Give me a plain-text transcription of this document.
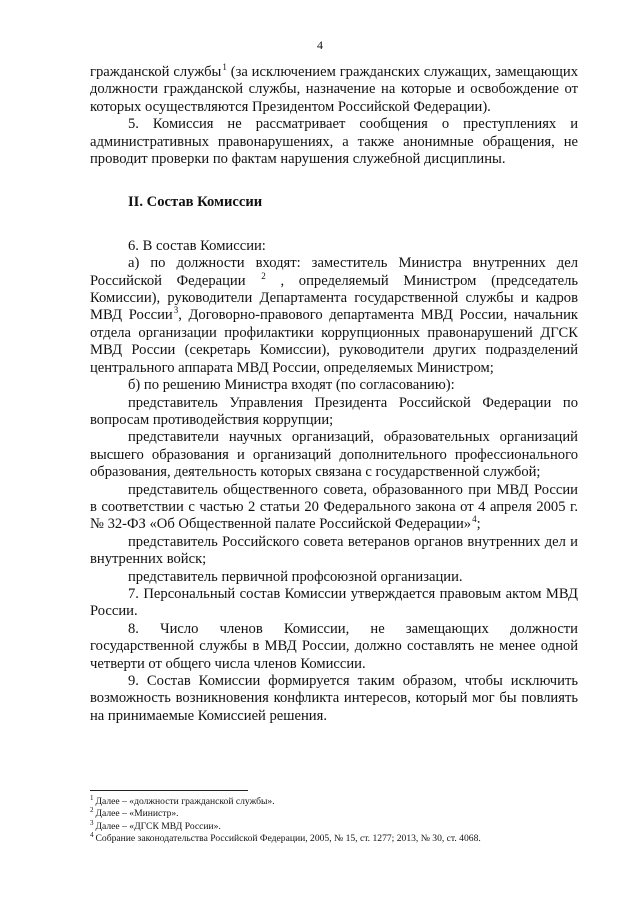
4

гражданской службы$^1$ (за исключением гражданских служащих, замещающих должности гражданской службы, назначение на которые и освобождение от которых осуществляются Президентом Российской Федерации).

5. Комиссия не рассматривает сообщения о преступлениях и административных правонарушениях, а также анонимные обращения, не проводит проверки по фактам нарушения служебной дисциплины.

II. Состав Комиссии

6. В состав Комиссии:

а) по должности входят: заместитель Министра внутренних дел Российской Федерации $^2$ , определяемый Министром (председатель Комиссии), руководители Департамента государственной службы и кадров МВД России$^3$, Договорно-правового департамента МВД России, начальник отдела организации профилактики коррупционных правонарушений ДГСК МВД России (секретарь Комиссии), руководители других подразделений центрального аппарата МВД России, определяемых Министром;

б) по решению Министра входят (по согласованию):

представитель Управления Президента Российской Федерации по вопросам противодействия коррупции;

представители научных организаций, образовательных организаций высшего образования и организаций дополнительного профессионального образования, деятельность которых связана с государственной службой;

представитель общественного совета, образованного при МВД России в соответствии с частью 2 статьи 20 Федерального закона от 4 апреля 2005 г. № 32-ФЗ «Об Общественной палате Российской Федерации»$^4$;

представитель Российского совета ветеранов органов внутренних дел и внутренних войск;

представитель первичной профсоюзной организации.

7. Персональный состав Комиссии утверждается правовым актом МВД России.

8. Число членов Комиссии, не замещающих должности государственной службы в МВД России, должно составлять не менее одной четверти от общего числа членов Комиссии.

9. Состав Комиссии формируется таким образом, чтобы исключить возможность возникновения конфликта интересов, который мог бы повлиять на принимаемые Комиссией решения.

$^1$ Далее – «должности гражданской службы».
$^2$ Далее – «Министр».
$^3$ Далее – «ДГСК МВД России».
$^4$ Собрание законодательства Российской Федерации, 2005, № 15, ст. 1277; 2013, № 30, ст. 4068.
